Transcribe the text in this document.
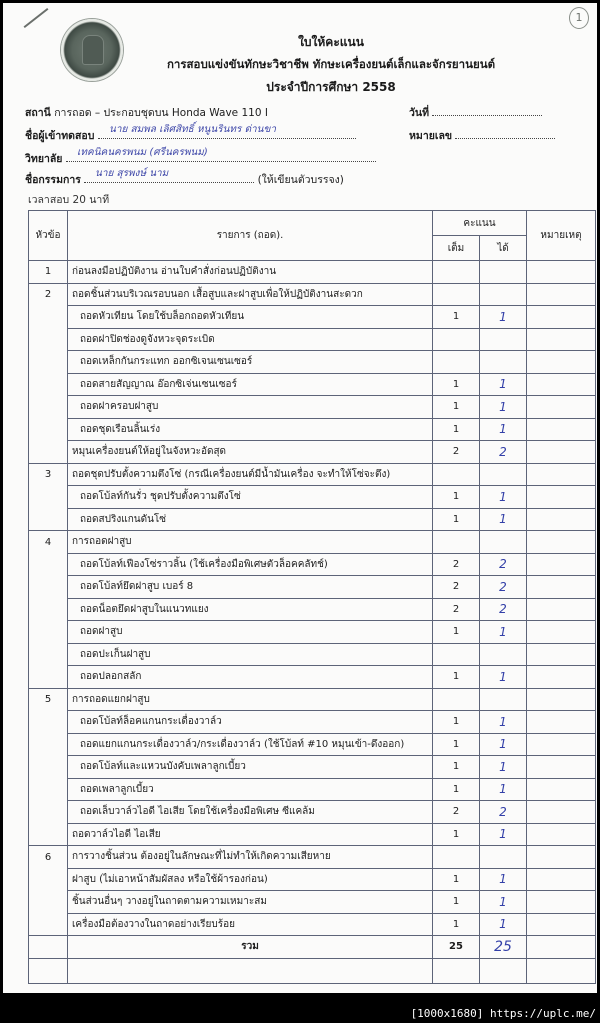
1
ใบให้คะแนน
การสอบแข่งขันทักษะวิชาชีพ ทักษะเครื่องยนต์เล็กและจักรยานยนต์
ประจำปีการศึกษา 2558
สถานี การถอด – ประกอบชุดบน Honda Wave 110 I	วันที่
ชื่อผู้เข้าทดสอบ
นาย สมพล เลิศสิทธิ์ หนูนรินทร ด่านขา
หมายเลข
วิทยาลัย
เทคนิคนครพนม (ศรีนครพนม)
ชื่อกรรมการ	(ให้เขียนตัวบรรจง)
นาย สุรพงษ์ นาม
เวลาสอบ 20 นาที
หัวข้อ	รายการ (ถอด).	คะแนน		หมายเหตุ
		เต็ม	ได้	
1	ก่อนลงมือปฏิบัติงาน อ่านใบคำสั่งก่อนปฏิบัติงาน			
2	ถอดชิ้นส่วนบริเวณรอบนอก เสื้อสูบและฝาสูบเพื่อให้ปฏิบัติงานสะดวก			
	ถอดหัวเทียน โดยใช้บล็อกถอดหัวเทียน	1	1	
	ถอดฝาปิดช่องดูจังหวะจุดระเบิด			
	ถอดเหล็กกันกระแทก ออกซิเจนเซนเซอร์			
	ถอดสายสัญญาณ อ๊อกซิเจ่นเซนเซอร์	1	1	
	ถอดฝาครอบฝาสูบ	1	1	
	ถอดชุดเรือนลิ้นเร่ง	1	1	
	หมุนเครื่องยนต์ให้อยู่ในจังหวะอัดสุด	2	2	
3	ถอดชุดปรับตั้งความตึงโซ่ (กรณีเครื่องยนต์มีน้ำมันเครื่อง จะทำให้โซ่จะตึง)			
	ถอดโบ้ลท์กันรั่ว ชุดปรับตั้งความตึงโซ่	1	1	
	ถอดสปริงแกนดันโซ่	1	1	
4	การถอดฝาสูบ			
	ถอดโบ้ลท์เฟืองโซ่ราวลิ้น (ใช้เครื่องมือพิเศษตัวล็อคคลัทช์)	2	2	
	ถอดโบ้ลท์ยึดฝาสูบ เบอร์ 8	2	2	
	ถอดน็อตยึดฝาสูบในแนวทแยง	2	2	
	ถอดฝาสูบ	1	1	
	ถอดปะเก็นฝาสูบ			
	ถอดปลอกสลัก	1	1	
5	การถอดแยกฝาสูบ			
	ถอดโบ้ลท์ล็อคแกนกระเดื่องวาล์ว	1	1	
	ถอดแยกแกนกระเดื่องวาล์ว/กระเดื่องวาล์ว (ใช้โบ้ลท์ #10 หมุนเข้า-ดึงออก)	1	1	
	ถอดโบ้ลท์และแหวนบังคับเพลาลูกเบี้ยว	1	1	
	ถอดเพลาลูกเบี้ยว	1	1	
	ถอดเล็บวาล์วไอดี ไอเสีย โดยใช้เครื่องมือพิเศษ ซีแคล้ม	2	2	
	ถอดวาล์วไอดี ไอเสีย	1	1	
6	การวางชิ้นส่วน ต้องอยู่ในลักษณะที่ไม่ทำให้เกิดความเสียหาย			
	ฝาสูบ (ไม่เอาหน้าสัมผัสลง หรือใช้ผ้ารองก่อน)	1	1	
	ชิ้นส่วนอื่นๆ วางอยู่ในถาดตามความเหมาะสม	1	1	
	เครื่องมือต้องวางในถาดอย่างเรียบร้อย	1	1	
	รวม	25	25	

[1000x1680] https://uplc.me/
